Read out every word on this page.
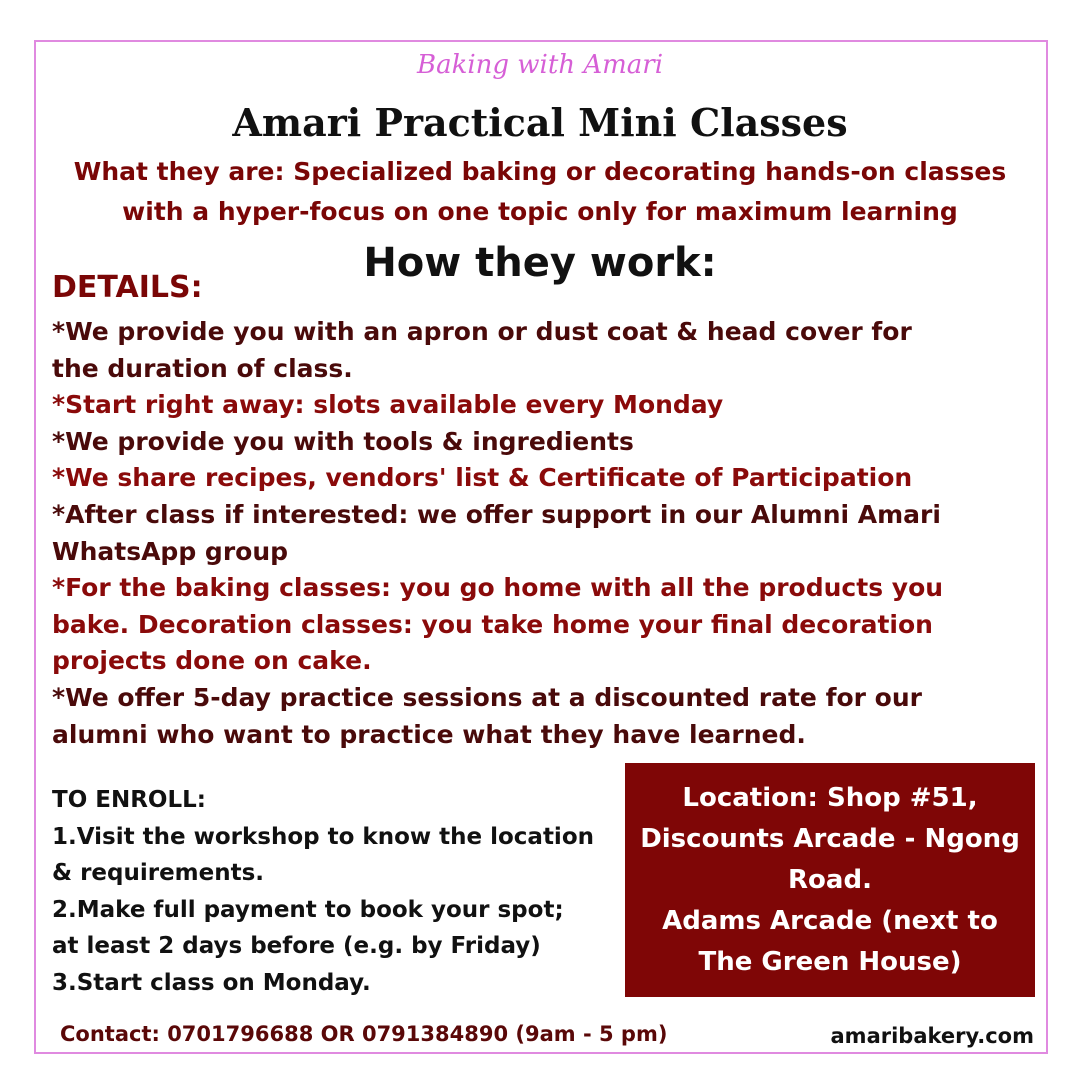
Baking with Amari
Amari Practical Mini Classes
What they are: Specialized baking or decorating hands-on classes
with a hyper-focus on one topic only for maximum learning
How they work:
DETAILS:
*We provide you with an apron or dust coat & head cover for
the duration of class.
*Start right away: slots available every Monday
*We provide you with tools & ingredients
*We share recipes, vendors' list & Certificate of Participation
*After class if interested: we offer support in our Alumni Amari
WhatsApp group
*For the baking classes: you go home with all the products you
bake. Decoration classes: you take home your final decoration
projects done on cake.
*We offer 5-day practice sessions at a discounted rate for our
alumni who want to practice what they have learned.
TO ENROLL:
1.Visit the workshop to know the location
& requirements.
2.Make full payment to book your spot;
at least 2 days before (e.g. by Friday)
3.Start class on Monday.
Location: Shop #51,
Discounts Arcade - Ngong
Road.
Adams Arcade (next to
The Green House)
Contact: 0701796688 OR 0791384890 (9am - 5 pm)	amaribakery.com
